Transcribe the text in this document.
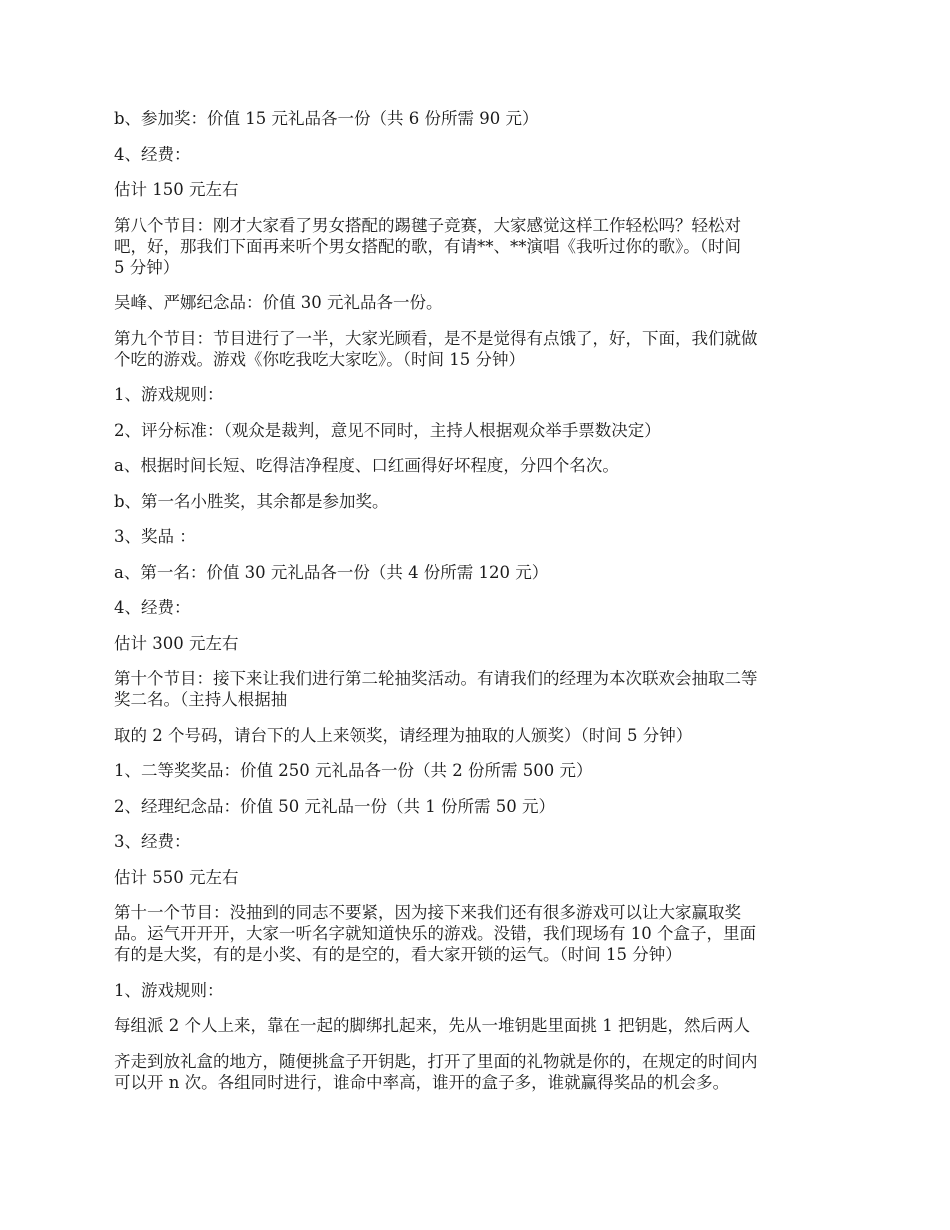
b、参加奖：价值 15 元礼品各一份（共 6 份所需 90 元）

4、经费：

估计 150 元左右

第八个节目：刚才大家看了男女搭配的踢毽子竞赛，大家感觉这样工作轻松吗？轻松对
吧，好，那我们下面再来听个男女搭配的歌，有请**、**演唱《我听过你的歌》。（时间
5 分钟）

吴峰、严娜纪念品：价值 30 元礼品各一份。

第九个节目：节目进行了一半，大家光顾看，是不是觉得有点饿了，好，下面，我们就做
个吃的游戏。游戏《你吃我吃大家吃》。（时间 15 分钟）

1、游戏规则：

2、评分标准：（观众是裁判，意见不同时，主持人根据观众举手票数决定）

a、根据时间长短、吃得洁净程度、口红画得好坏程度，分四个名次。

b、第一名小胜奖，其余都是参加奖。

3、奖品 ：

a、第一名：价值 30 元礼品各一份（共 4 份所需 120 元）

4、经费：

估计 300 元左右

第十个节目：接下来让我们进行第二轮抽奖活动。有请我们的经理为本次联欢会抽取二等
奖二名。（主持人根据抽

取的 2 个号码，请台下的人上来领奖，请经理为抽取的人颁奖）（时间 5 分钟）

1、二等奖奖品：价值 250 元礼品各一份（共 2 份所需 500 元）

2、经理纪念品：价值 50 元礼品一份（共 1 份所需 50 元）

3、经费：

估计 550 元左右

第十一个节目：没抽到的同志不要紧，因为接下来我们还有很多游戏可以让大家赢取奖
品。运气开开开，大家一听名字就知道快乐的游戏。没错，我们现场有 10 个盒子，里面
有的是大奖，有的是小奖、有的是空的，看大家开锁的运气。（时间 15 分钟）

1、游戏规则：

每组派 2 个人上来，靠在一起的脚绑扎起来，先从一堆钥匙里面挑 1 把钥匙，然后两人

齐走到放礼盒的地方，随便挑盒子开钥匙，打开了里面的礼物就是你的，在规定的时间内
可以开 n 次。各组同时进行，谁命中率高，谁开的盒子多，谁就赢得奖品的机会多。
